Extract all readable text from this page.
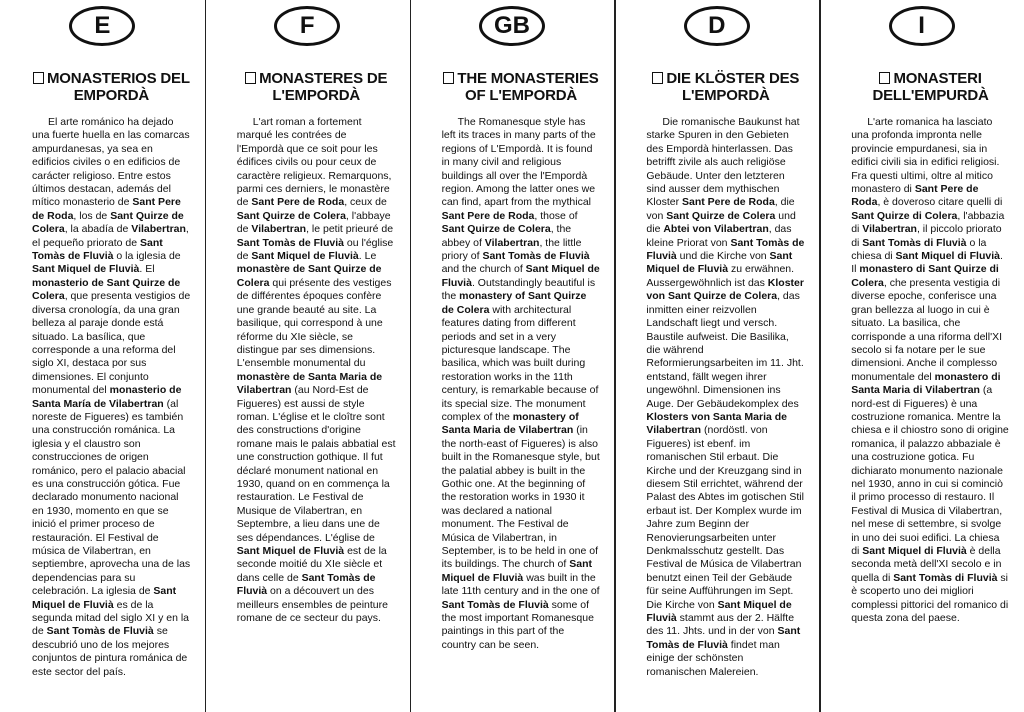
E
MONASTERIOS DEL
EMPORDÀ

El arte románico ha dejado una fuerte huella en las comarcas ampurdanesas, ya sea en edificios civiles o en edificios de carácter religioso. Entre estos últimos destacan, además del mítico monasterio de Sant Pere de Roda, los de Sant Quirze de Colera, la abadía de Vilabertran, el pequeño priorato de Sant Tomàs de Fluvià o la iglesia de Sant Miquel de Fluvià. El monasterio de Sant Quirze de Colera, que presenta vestigios de diversa cronología, da una gran belleza al paraje donde está situado. La basílica, que corresponde a una reforma del siglo XI, destaca por sus dimensiones. El conjunto monumental del monasterio de Santa María de Vilabertran (al noreste de Figueres) es también una construcción románica. La iglesia y el claustro son construcciones de origen románico, pero el palacio abacial es una construcción gótica. Fue declarado monumento nacional en 1930, momento en que se inició el primer proceso de restauración. El Festival de música de Vilabertran, en septiembre, aprovecha una de las dependencias para su celebración. La iglesia de Sant Miquel de Fluvià es de la segunda mitad del siglo XI y en la de Sant Tomàs de Fluvià se descubrió uno de los mejores conjuntos de pintura románica de este sector del país.

F
MONASTERES DE
L'EMPORDÀ

L'art roman a fortement marqué les contrées de l'Empordà que ce soit pour les édifices civils ou pour ceux de caractère religieux. Remarquons, parmi ces derniers, le monastère de Sant Pere de Roda, ceux de Sant Quirze de Colera, l'abbaye de Vilabertran, le petit prieuré de Sant Tomàs de Fluvià ou l'église de Sant Miquel de Fluvià. Le monastère de Sant Quirze de Colera qui présente des vestiges de différentes époques confère une grande beauté au site. La basilique, qui correspond à une réforme du XIe siècle, se distingue par ses dimensions. L'ensemble monumental du monastère de Santa Maria de Vilabertran (au Nord-Est de Figueres) est aussi de style roman. L'église et le cloître sont des constructions d'origine romane mais le palais abbatial est une construction gothique. Il fut déclaré monument national en 1930, quand on en commença la restauration. Le Festival de Musique de Vilabertran, en Septembre, a lieu dans une de ses dépendances. L'église de Sant Miquel de Fluvià est de la seconde moitié du XIe siècle et dans celle de Sant Tomàs de Fluvià on a découvert un des meilleurs ensembles de peinture romane de ce secteur du pays.

GB
THE MONASTERIES
OF L'EMPORDÀ

The Romanesque style has left its traces in many parts of the regions of L'Empordà. It is found in many civil and religious buildings all over the l'Empordà region. Among the latter ones we can find, apart from the mythical Sant Pere de Roda, those of Sant Quirze de Colera, the abbey of Vilabertran, the little priory of Sant Tomàs de Fluvià and the church of Sant Miquel de Fluvià. Outstandingly beautiful is the monastery of Sant Quirze de Colera with architectural features dating from different periods and set in a very picturesque landscape. The basilica, which was built during restoration works in the 11th century, is remarkable because of its special size. The monument complex of the monastery of Santa Maria de Vilabertran (in the north-east of Figueres) is also built in the Romanesque style, but the palatial abbey is built in the Gothic one. At the beginning of the restoration works in 1930 it was declared a national monument. The Festival de Música de Vilabertran, in September, is to be held in one of its buildings. The church of Sant Miquel de Fluvià was built in the late 11th century and in the one of Sant Tomàs de Fluvià some of the most important Romanesque paintings in this part of the country can be seen.

D
DIE KLÖSTER DES
L'EMPORDÀ

Die romanische Baukunst hat starke Spuren in den Gebieten des Empordà hinterlassen. Das betrifft zivile als auch religiöse Gebäude. Unter den letzteren sind ausser dem mythischen Kloster Sant Pere de Roda, die von Sant Quirze de Colera und die Abtei von Vilabertran, das kleine Priorat von Sant Tomàs de Fluvià und die Kirche von Sant Miquel de Fluvià zu erwähnen. Aussergewöhnlich ist das Kloster von Sant Quirze de Colera, das inmitten einer reizvollen Landschaft liegt und versch. Baustile aufweist. Die Basilika, die während Reformierungsarbeiten im 11. Jht. entstand, fällt wegen ihrer ungewöhnl. Dimensionen ins Auge. Der Gebäudekomplex des Klosters von Santa Maria de Vilabertran (nordöstl. von Figueres) ist ebenf. im romanischen Stil erbaut. Die Kirche und der Kreuzgang sind in diesem Stil errichtet, während der Palast des Abtes im gotischen Stil erbaut ist. Der Komplex wurde im Jahre zum Beginn der Renovierungsarbeiten unter Denkmalsschutz gestellt. Das Festival de Música de Vilabertran benutzt einen Teil der Gebäude für seine Aufführungen im Sept. Die Kirche von Sant Miquel de Fluvià stammt aus der 2. Hälfte des 11. Jhts. und in der von Sant Tomàs de Fluvià findet man einige der schönsten romanischen Malereien.

I
MONASTERI
DELL'EMPURDÀ

L'arte romanica ha lasciato una profonda impronta nelle provincie empurdanesi, sia in edifici civili sia in edifici religiosi. Fra questi ultimi, oltre al mitico monastero di Sant Pere de Roda, è doveroso citare quelli di Sant Quirze di Colera, l'abbazia di Vilabertran, il piccolo priorato di Sant Tomàs di Fluvià o la chiesa di Sant Miquel di Fluvià. Il monastero di Sant Quirze di Colera, che presenta vestigia di diverse epoche, conferisce una gran bellezza al luogo in cui è situato. La basilica, che corrisponde a una riforma dell'XI secolo si fa notare per le sue dimensioni. Anche il complesso monumentale del monastero di Santa Maria di Vilabertran (a nord-est di Figueres) è una costruzione romanica. Mentre la chiesa e il chiostro sono di origine romanica, il palazzo abbaziale è una costruzione gotica. Fu dichiarato monumento nazionale nel 1930, anno in cui si cominciò il primo processo di restauro. Il Festival di Musica di Vilabertran, nel mese di settembre, si svolge in uno dei suoi edifici. La chiesa di Sant Miquel di Fluvià è della seconda metà dell'XI secolo e in quella di Sant Tomàs di Fluvià si è scoperto uno dei migliori complessi pittorici del romanico di questa zona del paese.
